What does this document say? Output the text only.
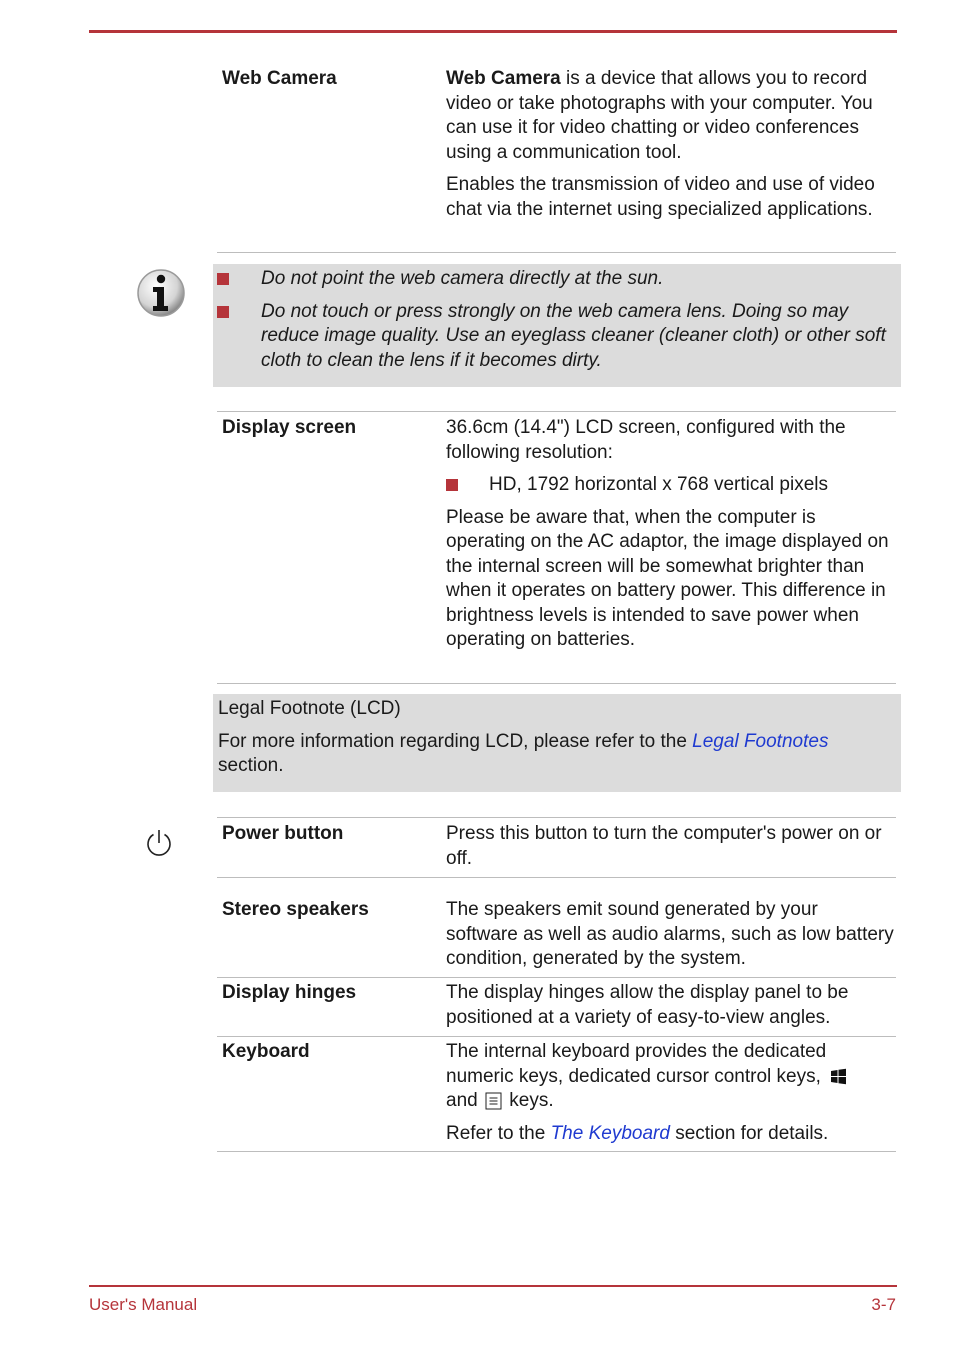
Web Camera	Web Camera is a device that allows you to record video or take photographs with your computer. You can use it for video chatting or video conferences using a communication tool.

Enables the transmission of video and use of video chat via the internet using specialized applications.

Do not point the web camera directly at the sun.
Do not touch or press strongly on the web camera lens. Doing so may reduce image quality. Use an eyeglass cleaner (cleaner cloth) or other soft cloth to clean the lens if it becomes dirty.
Display screen	36.6cm (14.4") LCD screen, configured with the following resolution:

HD, 1792 horizontal x 768 vertical pixels

Please be aware that, when the computer is operating on the AC adaptor, the image displayed on the internal screen will be somewhat brighter than when it operates on battery power. This difference in brightness levels is intended to save power when operating on batteries.

Legal Footnote (LCD)
For more information regarding LCD, please refer to the Legal Footnotes section.
Power button	Press this button to turn the computer's power on or off.

Stereo speakers	The speakers emit sound generated by your software as well as audio alarms, such as low battery condition, generated by the system.

Display hinges	The display hinges allow the display panel to be positioned at a variety of easy-to-view angles.

Keyboard	The internal keyboard provides the dedicated numeric keys, dedicated cursor control keys,
and keys.

Refer to the The Keyboard section for details.

User's Manual	3-7
